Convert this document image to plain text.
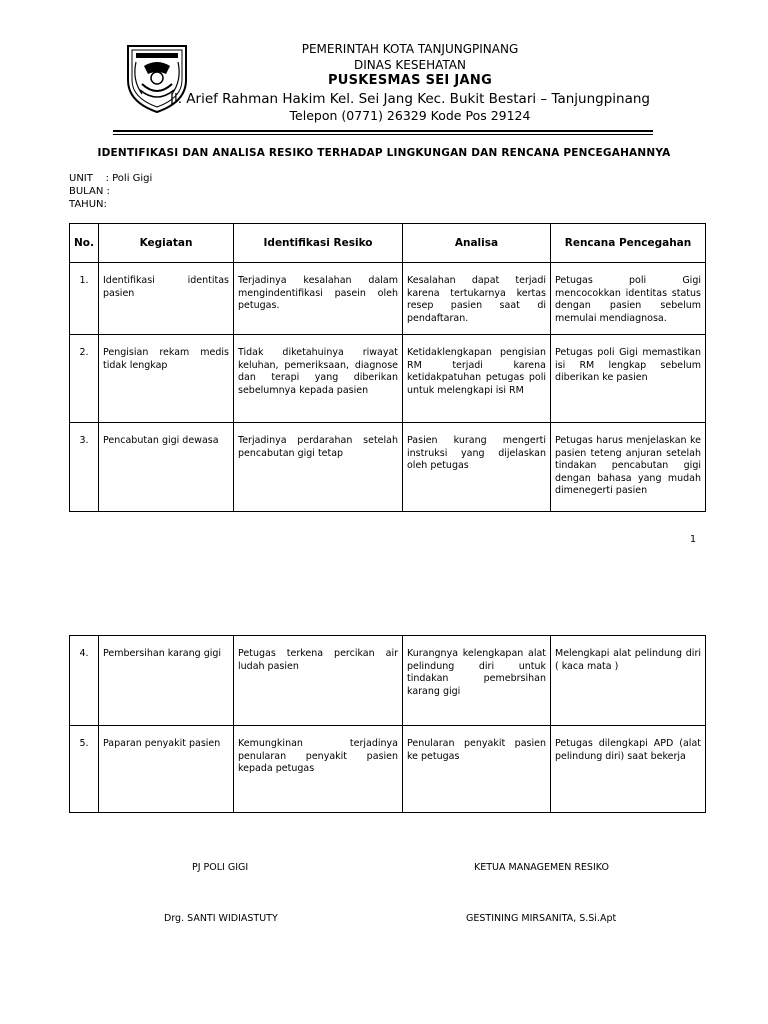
PEMERINTAH KOTA TANJUNGPINANG
DINAS KESEHATAN
PUSKESMAS SEI JANG
Jl. Arief Rahman Hakim Kel. Sei Jang Kec. Bukit Bestari – Tanjungpinang
Telepon (0771) 26329 Kode Pos 29124
IDENTIFIKASI DAN ANALISA RESIKO TERHADAP LINGKUNGAN DAN RENCANA PENCEGAHANNYA
UNIT    : Poli Gigi
BULAN :
TAHUN:
No.	Kegiatan	Identifikasi Resiko	Analisa	Rencana Pencegahan
1.	Identifikasi identitas pasien	Terjadinya kesalahan dalam mengindentifikasi pasein oleh petugas.	Kesalahan dapat terjadi karena tertukarnya kertas resep pasien saat di pendaftaran.	Petugas poli Gigi mencocokkan identitas status dengan pasien sebelum memulai mendiagnosa.
2.	Pengisian rekam medis tidak lengkap	Tidak diketahuinya riwayat keluhan, pemeriksaan, diagnose dan terapi yang diberikan sebelumnya kepada pasien	Ketidaklengkapan pengisian RM terjadi karena ketidakpatuhan petugas poli untuk melengkapi isi RM	Petugas poli Gigi memastikan isi RM lengkap sebelum diberikan ke pasien
3.	Pencabutan gigi dewasa	Terjadinya perdarahan setelah pencabutan gigi tetap	Pasien kurang mengerti instruksi yang dijelaskan oleh petugas	Petugas harus menjelaskan ke pasien teteng anjuran setelah tindakan pencabutan gigi dengan bahasa yang mudah dimenegerti pasien
1
4.	Pembersihan karang gigi	Petugas terkena percikan air ludah pasien	Kurangnya kelengkapan alat pelindung diri untuk tindakan pemebrsihan karang gigi	Melengkapi alat pelindung diri ( kaca mata )
5.	Paparan penyakit pasien	Kemungkinan terjadinya penularan penyakit pasien kepada petugas	Penularan penyakit pasien ke petugas	Petugas dilengkapi APD (alat pelindung diri) saat bekerja
PJ POLI GIGI	KETUA MANAGEMEN RESIKO
Drg. SANTI WIDIASTUTY	GESTINING MIRSANITA, S.Si.Apt
